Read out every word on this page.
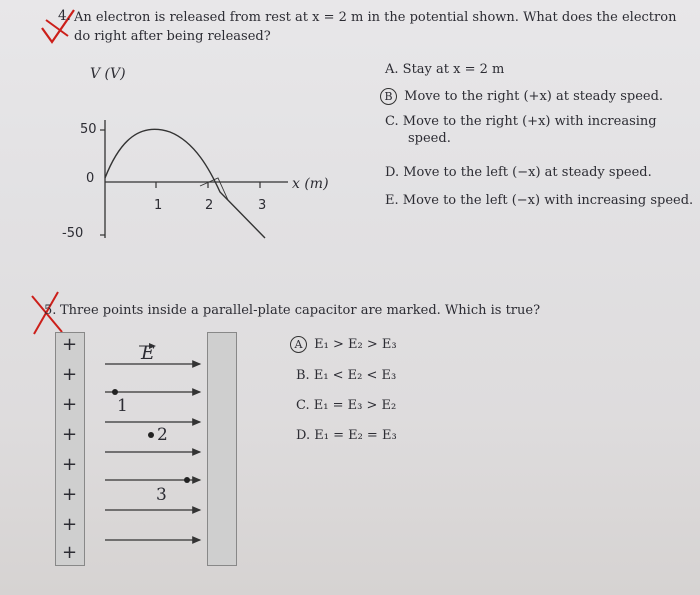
4. An electron is released from rest at x = 2 m in the potential shown. What does the electron
do right after being released?
V (V)
50
0
-50
1	2	3
x (m)
A. Stay at x = 2 m
B Move to the right (+x) at steady speed.
C. Move to the right (+x) with increasing
speed.
D. Move to the left (−x) at steady speed.
E. Move to the left (−x) with increasing speed.
5. Three points inside a parallel-plate capacitor are marked. Which is true?
+
+
+
+
+
+
+
+
E
1
2
3
A E₁ > E₂ > E₃
B. E₁ < E₂ < E₃
C. E₁ = E₃ > E₂
D. E₁ = E₂ = E₃
